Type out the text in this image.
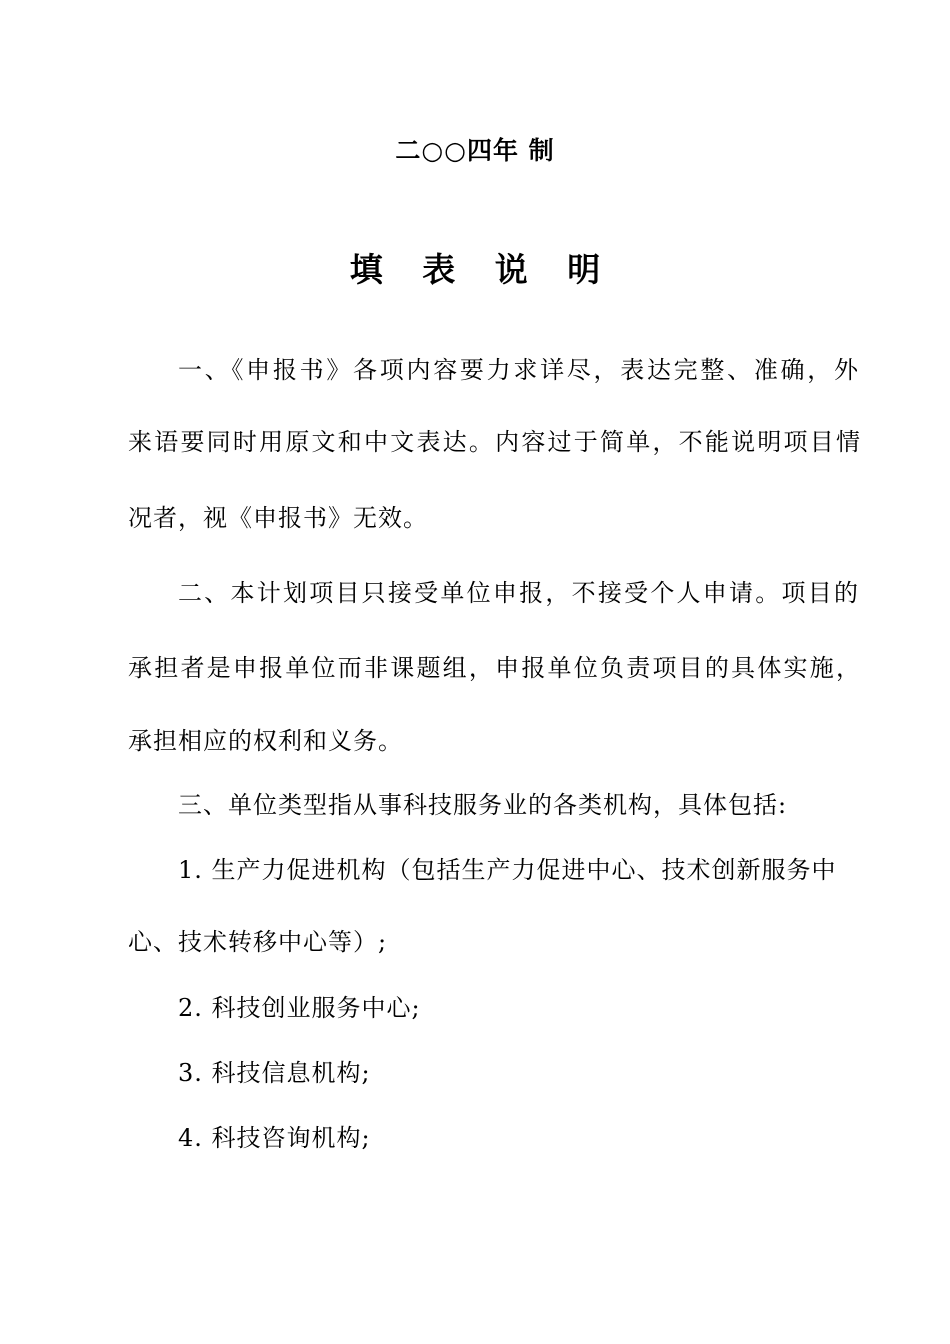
二○○四年 制
填 表 说 明
一、《申报书》各项内容要力求详尽，表达完整、准确，外
来语要同时用原文和中文表达。内容过于简单，不能说明项目情
况者，视《申报书》无效。
二、本计划项目只接受单位申报，不接受个人申请。项目的
承担者是申报单位而非课题组，申报单位负责项目的具体实施，
承担相应的权利和义务。
三、单位类型指从事科技服务业的各类机构，具体包括:
1. 生产力促进机构（包括生产力促进中心、技术创新服务中
心、技术转移中心等）;
2. 科技创业服务中心;
3. 科技信息机构;
4. 科技咨询机构;
